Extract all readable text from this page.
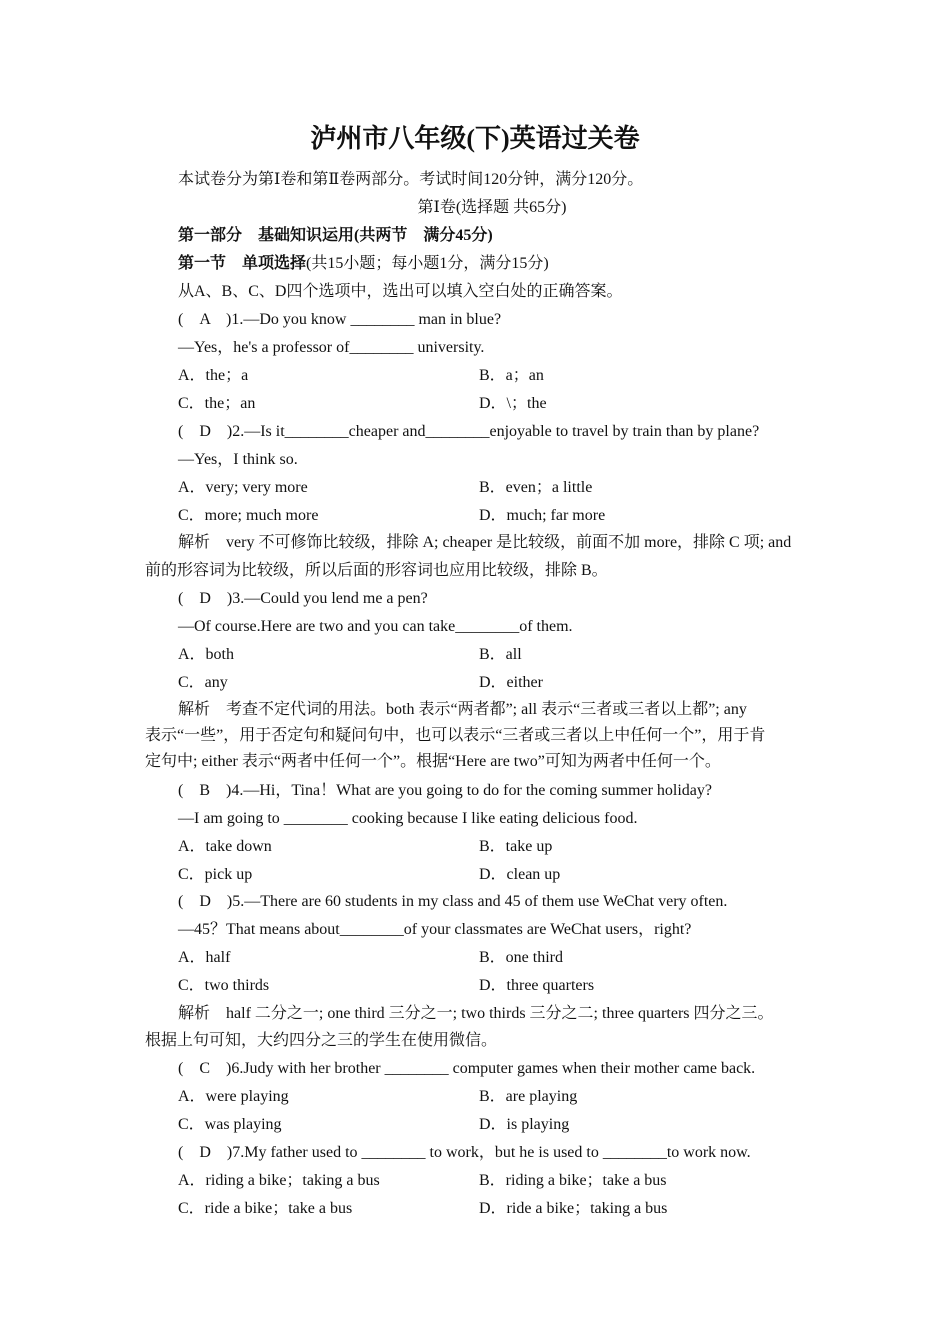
泸州市八年级(下)英语过关卷
本试卷分为第Ⅰ卷和第Ⅱ卷两部分。考试时间120分钟，满分120分。
第Ⅰ卷(选择题 共65分)
第一部分　基础知识运用(共两节　满分45分)
第一节　单项选择(共15小题；每小题1分，满分15分)
从A、B、C、D四个选项中，选出可以填入空白处的正确答案。
(　A　)1.—Do you know ________ man in blue?
—Yes，he's a professor of________ university.
A．the；a	B．a；an
C．the；an	D．\；the
(　D　)2.—Is it________cheaper and________enjoyable to travel by train than by plane?
—Yes，I think so.
A．very; very more	B．even；a little
C．more; much more	D．much; far more
解析 very 不可修饰比较级，排除 A; cheaper 是比较级，前面不加 more，排除 C 项; and
前的形容词为比较级，所以后面的形容词也应用比较级，排除 B。
(　D　)3.—Could you lend me a pen?
—Of course.Here are two and you can take________of them.
A．both	B．all
C．any	D．either
解析 考查不定代词的用法。both 表示“两者都”; all 表示“三者或三者以上都”; any
表示“一些”，用于否定句和疑问句中，也可以表示“三者或三者以上中任何一个”，用于肯
定句中; either 表示“两者中任何一个”。根据“Here are two”可知为两者中任何一个。
(　B　)4.—Hi，Tina！What are you going to do for the coming summer holiday?
—I am going to ________ cooking because I like eating delicious food.
A．take down	B．take up
C．pick up	D．clean up
(　D　)5.—There are 60 students in my class and 45 of them use WeChat very often.
—45？That means about________of your classmates are WeChat users，right?
A．half	B．one third
C．two thirds	D．three quarters
解析 half 二分之一; one third 三分之一; two thirds 三分之二; three quarters 四分之三。
根据上句可知，大约四分之三的学生在使用微信。
(　C　)6.Judy with her brother ________ computer games when their mother came back.
A．were playing	B．are playing
C．was playing	D．is playing
(　D　)7.My father used to ________ to work，but he is used to ________to work now.
A．riding a bike；taking a bus	B．riding a bike；take a bus
C．ride a bike；take a bus	D．ride a bike；taking a bus
